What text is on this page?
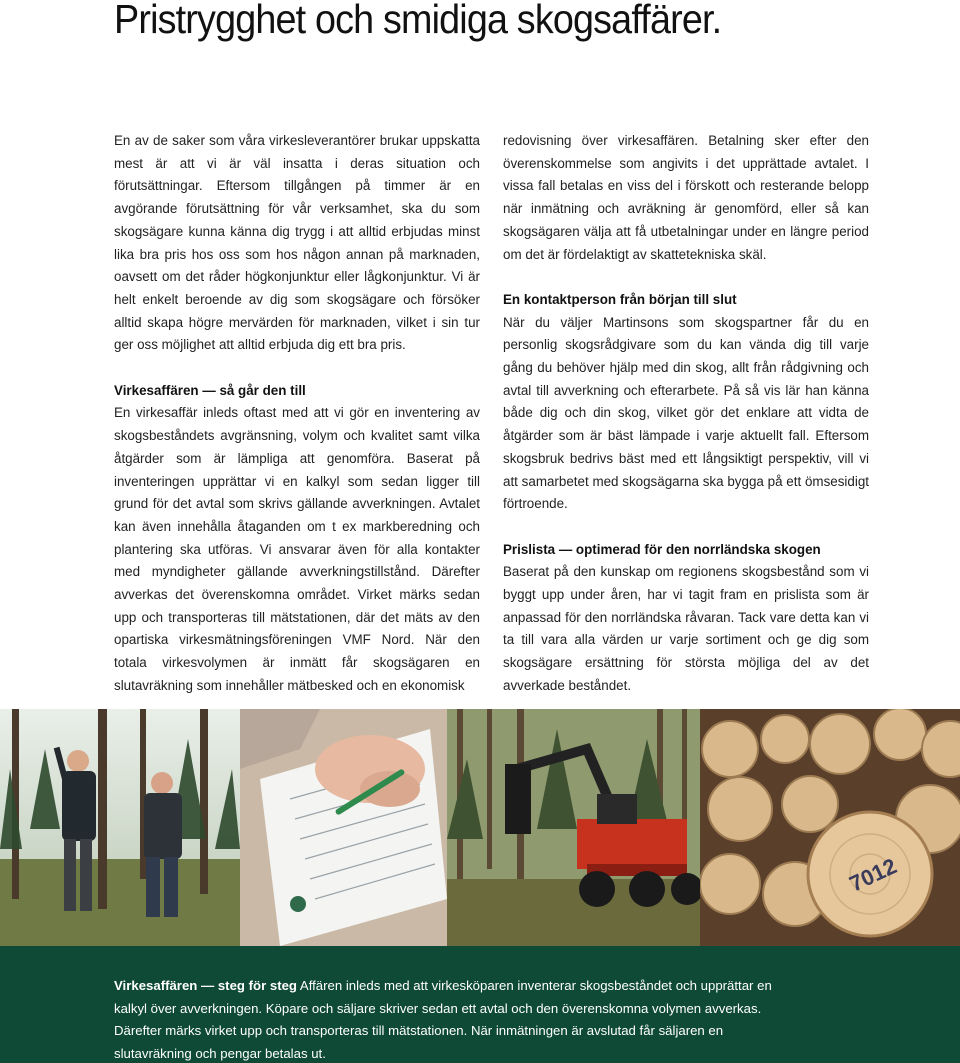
Pristrygghet och smidiga skogsaffärer.

En av de saker som våra virkesleverantörer brukar uppskatta mest är att vi är väl insatta i deras situation och förutsättningar. Eftersom tillgången på timmer är en avgörande förutsättning för vår verksamhet, ska du som skogsägare kunna känna dig trygg i att alltid erbjudas minst lika bra pris hos oss som hos någon annan på marknaden, oavsett om det råder högkonjunktur eller lågkonjunktur. Vi är helt enkelt beroende av dig som skogsägare och försöker alltid skapa högre mervärden för marknaden, vilket i sin tur ger oss möjlighet att alltid erbjuda dig ett bra pris.

Virkesaffären — så går den till

En virkesaffär inleds oftast med att vi gör en inventering av skogsbeståndets avgränsning, volym och kvalitet samt vilka åtgärder som är lämpliga att genomföra. Baserat på inventeringen upprättar vi en kalkyl som sedan ligger till grund för det avtal som skrivs gällande avverkningen. Avtalet kan även innehålla åtaganden om t ex markberedning och plantering ska utföras. Vi ansvarar även för alla kontakter med myndigheter gällande avverkningstillstånd. Därefter avverkas det överenskomna området. Virket märks sedan upp och transporteras till mätstationen, där det mäts av den opartiska virkesmätningsföreningen VMF Nord. När den totala virkesvolymen är inmätt får skogsägaren en slutavräkning som innehåller mätbesked och en ekonomisk

redovisning över virkesaffären. Betalning sker efter den överenskommelse som angivits i det upprättade avtalet. I vissa fall betalas en viss del i förskott och resterande belopp när inmätning och avräkning är genomförd, eller så kan skogsägaren välja att få utbetalningar under en längre period om det är fördelaktigt av skattetekniska skäl.

En kontaktperson från början till slut

När du väljer Martinsons som skogspartner får du en personlig skogsrådgivare som du kan vända dig till varje gång du behöver hjälp med din skog, allt från rådgivning och avtal till avverkning och efterarbete. På så vis lär han känna både dig och din skog, vilket gör det enklare att vidta de åtgärder som är bäst lämpade i varje aktuellt fall. Eftersom skogsbruk bedrivs bäst med ett långsiktigt perspektiv, vill vi att samarbetet med skogsägarna ska bygga på ett ömsesidigt förtroende.

Prislista — optimerad för den norrländska skogen

Baserat på den kunskap om regionens skogsbestånd som vi byggt upp under åren, har vi tagit fram en prislista som är anpassad för den norrländska råvaran. Tack vare detta kan vi ta till vara alla värden ur varje sortiment och ge dig som skogsägare ersättning för största möjliga del av det avverkade beståndet.

7012

Virkesaffären — steg för steg Affären inleds med att virkesköparen inventerar skogsbeståndet och upprättar en kalkyl över avverkningen. Köpare och säljare skriver sedan ett avtal och den överenskomna volymen avverkas. Därefter märks virket upp och transporteras till mätstationen. När inmätningen är avslutad får säljaren en slutavräkning och pengar betalas ut.
